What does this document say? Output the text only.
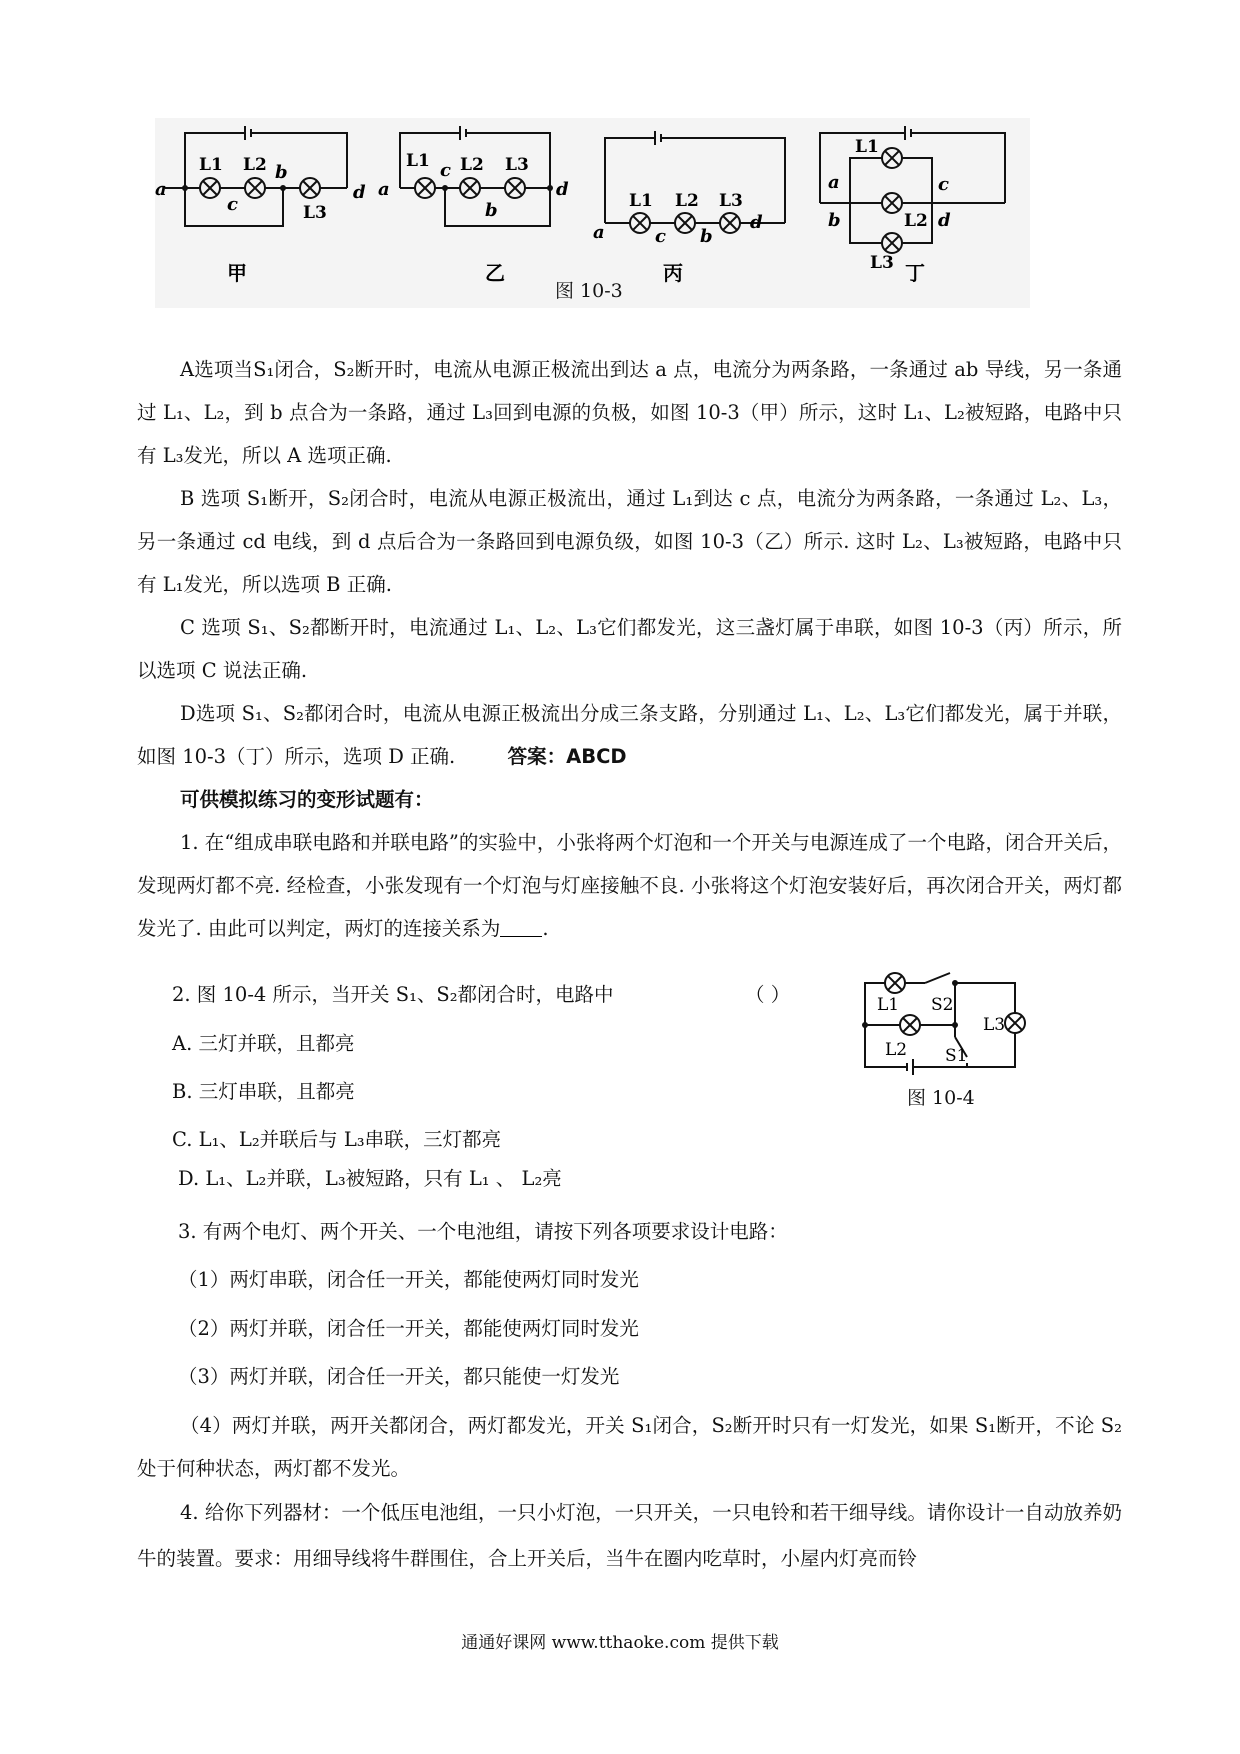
a
c
b
d
L1 L2
L3
甲
a
c
b
d
L1 L2 L3
乙
a	c b
d
L1 L2 L3
丙
a	c
b	d
L1
L2
L3 丁
图 10-3

A选项当S₁闭合，S₂断开时，电流从电源正极流出到达 a 点，电流分为两条路，一条通过 ab 导线，另一条通过 L₁、L₂，到 b 点合为一条路，通过 L₃回到电源的负极，如图 10-3（甲）所示，这时 L₁、L₂被短路，电路中只有 L₃发光，所以 A 选项正确.

B 选项 S₁断开，S₂闭合时，电流从电源正极流出，通过 L₁到达 c 点，电流分为两条路，一条通过 L₂、L₃，另一条通过 cd 电线，到 d 点后合为一条路回到电源负级，如图 10-3（乙）所示. 这时 L₂、L₃被短路，电路中只有 L₁发光，所以选项 B 正确.

C 选项 S₁、S₂都断开时，电流通过 L₁、L₂、L₃它们都发光，这三盏灯属于串联，如图 10-3（丙）所示，所以选项 C 说法正确.

D选项 S₁、S₂都闭合时，电流从电源正极流出分成三条支路，分别通过 L₁、L₂、L₃它们都发光，属于并联，如图 10-3（丁）所示，选项 D 正确.	答案：ABCD

可供模拟练习的变形试题有：

1. 在“组成串联电路和并联电路”的实验中，小张将两个灯泡和一个开关与电源连成了一个电路，闭合开关后，发现两灯都不亮. 经检查，小张发现有一个灯泡与灯座接触不良. 小张将这个灯泡安装好后，再次闭合开关，两灯都发光了. 由此可以判定，两灯的连接关系为 .

2. 图 10-4 所示，当开关 S₁、S₂都闭合时，电路中	（ ）
A. 三灯并联，且都亮
B. 三灯串联，且都亮
C. L₁、L₂并联后与 L₃串联，三灯都亮
D. L₁、L₂并联，L₃被短路，只有 L₁ 、 L₂亮
L1 S2
L3
L2 S1
图 10-4
3. 有两个电灯、两个开关、一个电池组，请按下列各项要求设计电路：
（1）两灯串联，闭合任一开关，都能使两灯同时发光
（2）两灯并联，闭合任一开关，都能使两灯同时发光
（3）两灯并联，闭合任一开关，都只能使一灯发光

（4）两灯并联，两开关都闭合，两灯都发光，开关 S₁闭合，S₂断开时只有一灯发光，如果 S₁断开，不论 S₂处于何种状态，两灯都不发光。

4. 给你下列器材：一个低压电池组，一只小灯泡，一只开关，一只电铃和若干细导线。请你设计一自动放养奶牛的装置。要求：用细导线将牛群围住，合上开关后，当牛在圈内吃草时，小屋内灯亮而铃

通通好课网 www.tthaoke.com 提供下载
